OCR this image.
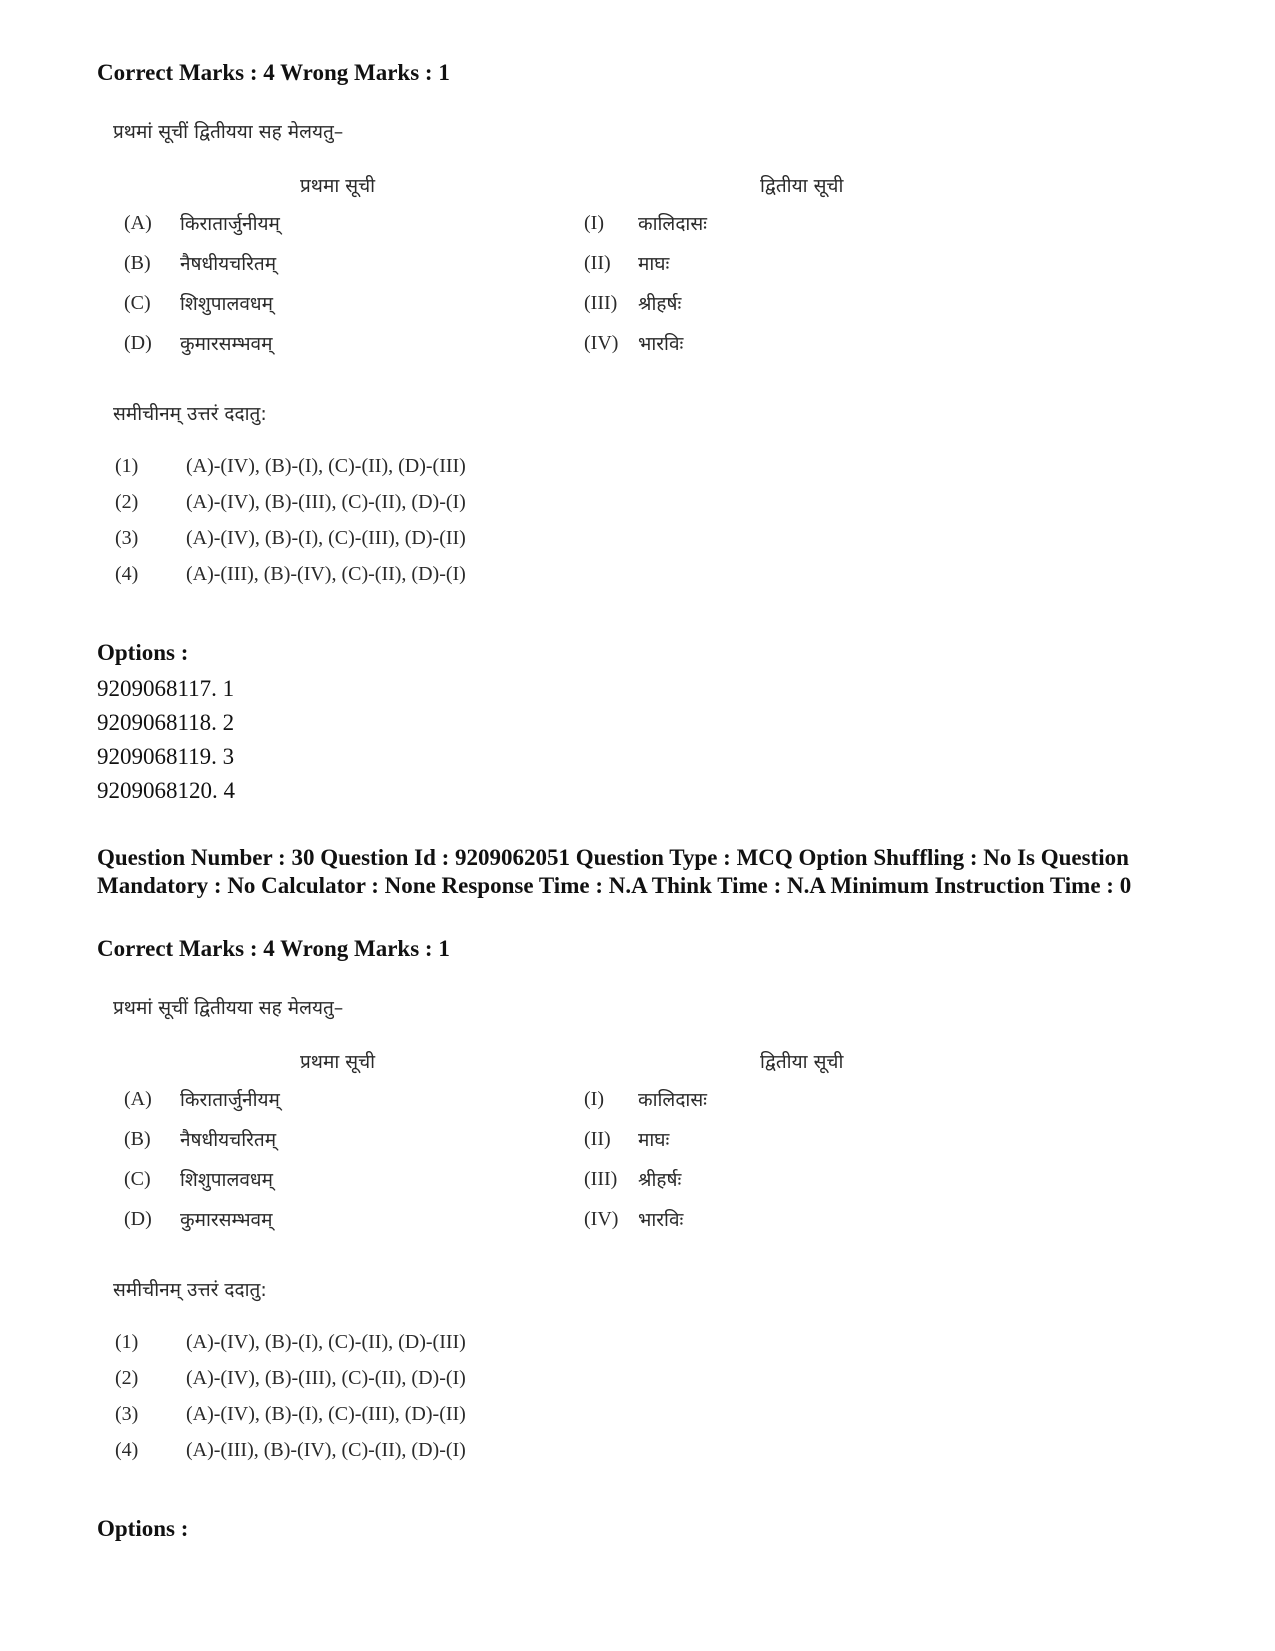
Correct Marks : 4 Wrong Marks : 1
प्रथमां सूचीं द्वितीयया सह मेलयतु–
प्रथमा सूची	द्वितीया सूची
(A) किरातार्जुनीयम्
(B) नैषधीयचरितम्
(C) शिशुपालवधम्
(D) कुमारसम्भवम्
(I) कालिदासः
(II) माघः
(III) श्रीहर्षः
(IV) भारविः
समीचीनम् उत्तरं ददातु:
(1) (A)-(IV), (B)-(I), (C)-(II), (D)-(III)
(2) (A)-(IV), (B)-(III), (C)-(II), (D)-(I)
(3) (A)-(IV), (B)-(I), (C)-(III), (D)-(II)
(4) (A)-(III), (B)-(IV), (C)-(II), (D)-(I)
Options :
9209068117. 1
9209068118. 2
9209068119. 3
9209068120. 4
Question Number : 30 Question Id : 9209062051 Question Type : MCQ Option Shuffling : No Is Question Mandatory : No Calculator : None Response Time : N.A Think Time : N.A Minimum Instruction Time : 0
Correct Marks : 4 Wrong Marks : 1
प्रथमां सूचीं द्वितीयया सह मेलयतु–
प्रथमा सूची	द्वितीया सूची
(A) किरातार्जुनीयम्
(B) नैषधीयचरितम्
(C) शिशुपालवधम्
(D) कुमारसम्भवम्
(I) कालिदासः
(II) माघः
(III) श्रीहर्षः
(IV) भारविः
समीचीनम् उत्तरं ददातु:
(1) (A)-(IV), (B)-(I), (C)-(II), (D)-(III)
(2) (A)-(IV), (B)-(III), (C)-(II), (D)-(I)
(3) (A)-(IV), (B)-(I), (C)-(III), (D)-(II)
(4) (A)-(III), (B)-(IV), (C)-(II), (D)-(I)
Options :
